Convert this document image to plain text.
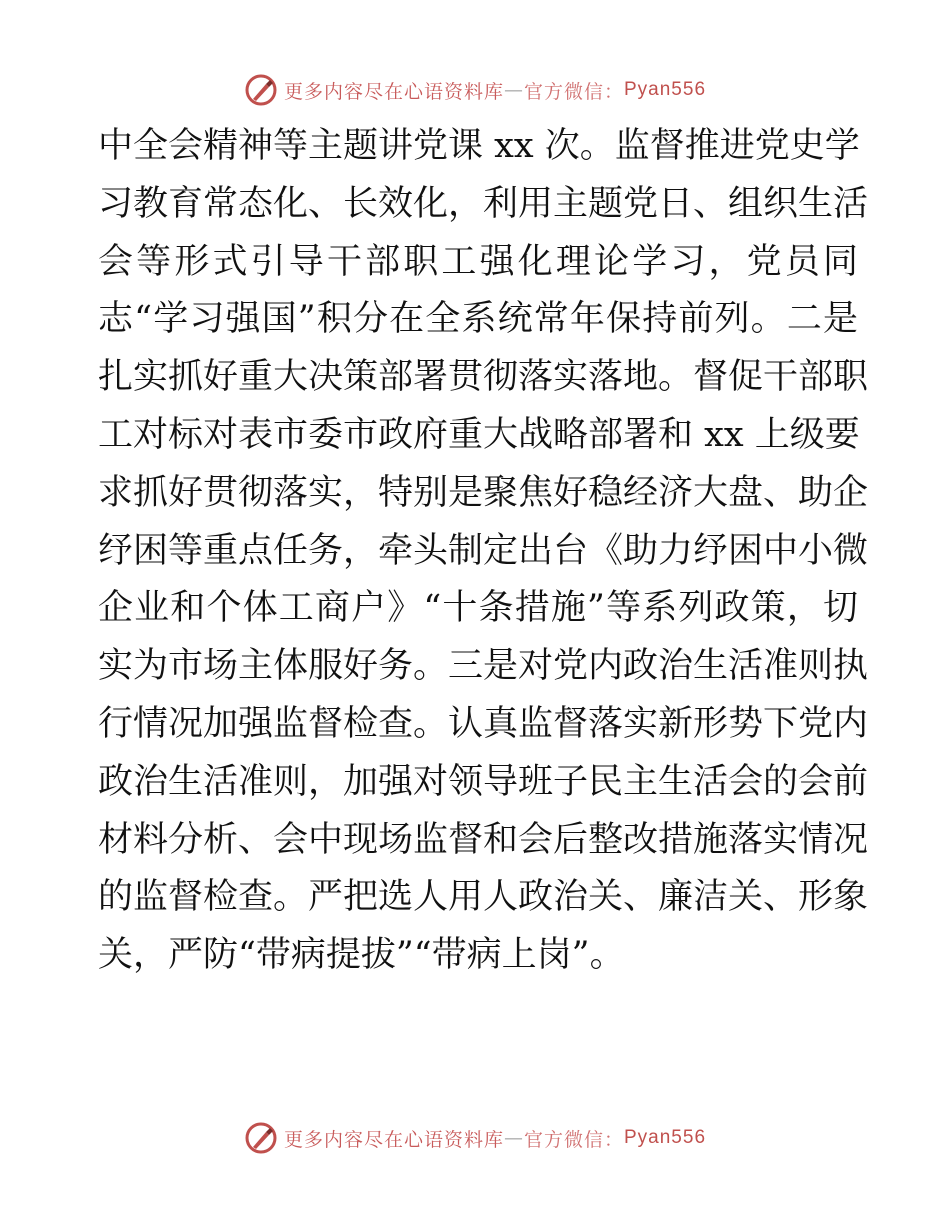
更多内容尽在心语资料库 — 官方微信： Pyan556
中全会精神等主题讲党课 xx 次。监督推进党史学
习教育常态化、长效化，利用主题党日、组织生活
会等形式引导干部职工强化理论学习，党员同
志“学习强国”积分在全系统常年保持前列。二是
扎实抓好重大决策部署贯彻落实落地。督促干部职
工对标对表市委市政府重大战略部署和 xx 上级要
求抓好贯彻落实，特别是聚焦好稳经济大盘、助企
纾困等重点任务，牵头制定出台《助力纾困中小微
企业和个体工商户》“十条措施”等系列政策，切
实为市场主体服好务。三是对党内政治生活准则执
行情况加强监督检查。认真监督落实新形势下党内
政治生活准则，加强对领导班子民主生活会的会前
材料分析、会中现场监督和会后整改措施落实情况
的监督检查。严把选人用人政治关、廉洁关、形象
关，严防“带病提拔”“带病上岗”。
更多内容尽在心语资料库 — 官方微信： Pyan556
